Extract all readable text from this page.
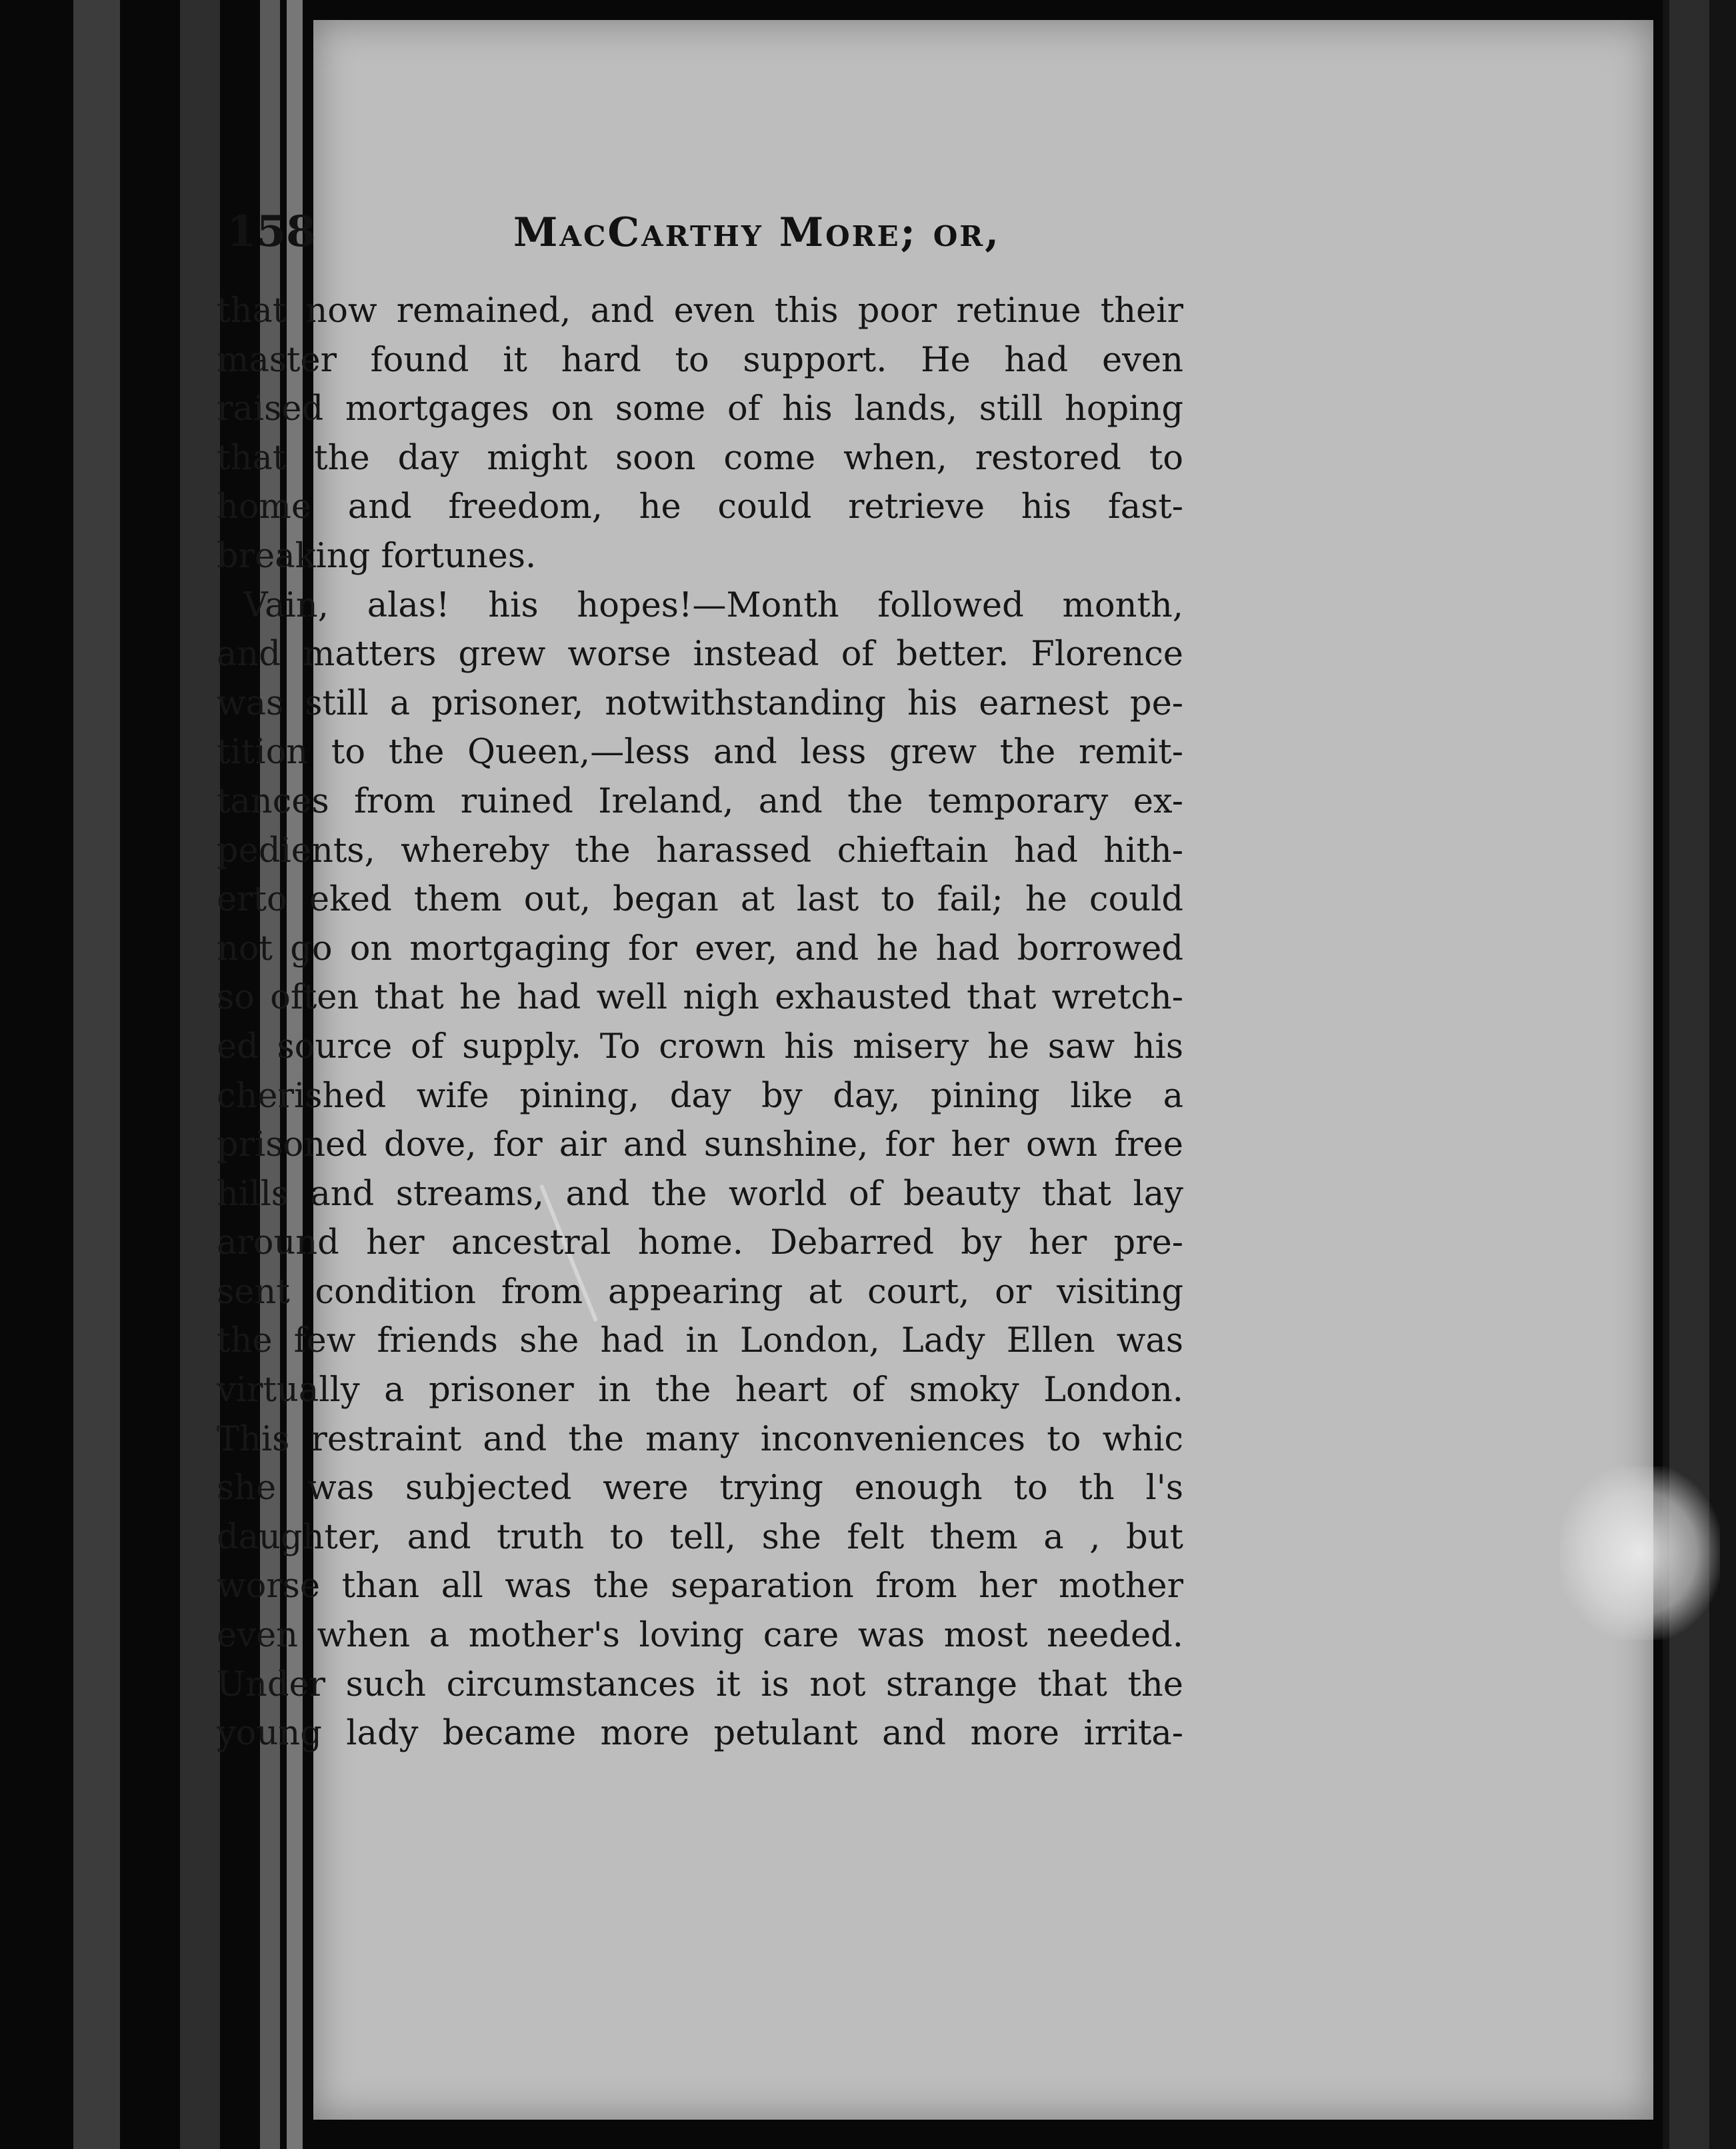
158	MacCarthy More; or,
that now remained, and even this poor retinue their
master found it hard to support. He had even
raised mortgages on some of his lands, still hoping
that the day might soon come when, restored to
home and freedom, he could retrieve his fast-
breaking fortunes.
Vain, alas! his hopes!—Month followed month,
and matters grew worse instead of better. Florence
was still a prisoner, notwithstanding his earnest pe-
tition to the Queen,—less and less grew the remit-
tances from ruined Ireland, and the temporary ex-
pedients, whereby the harassed chieftain had hith-
erto eked them out, began at last to fail; he could
not go on mortgaging for ever, and he had borrowed
so often that he had well nigh exhausted that wretch-
ed source of supply. To crown his misery he saw his
cherished wife pining, day by day, pining like a
prisoned dove, for air and sunshine, for her own free
hills and streams, and the world of beauty that lay
around her ancestral home. Debarred by her pre-
sent condition from appearing at court, or visiting
the few friends she had in London, Lady Ellen was
virtually a prisoner in the heart of smoky London.
This restraint and the many inconveniences to whic
she was subjected were trying enough to th l's
daughter, and truth to tell, she felt them a , but
worse than all was the separation from her mother
even when a mother's loving care was most needed.
Under such circumstances it is not strange that the
young lady became more petulant and more irrita-
